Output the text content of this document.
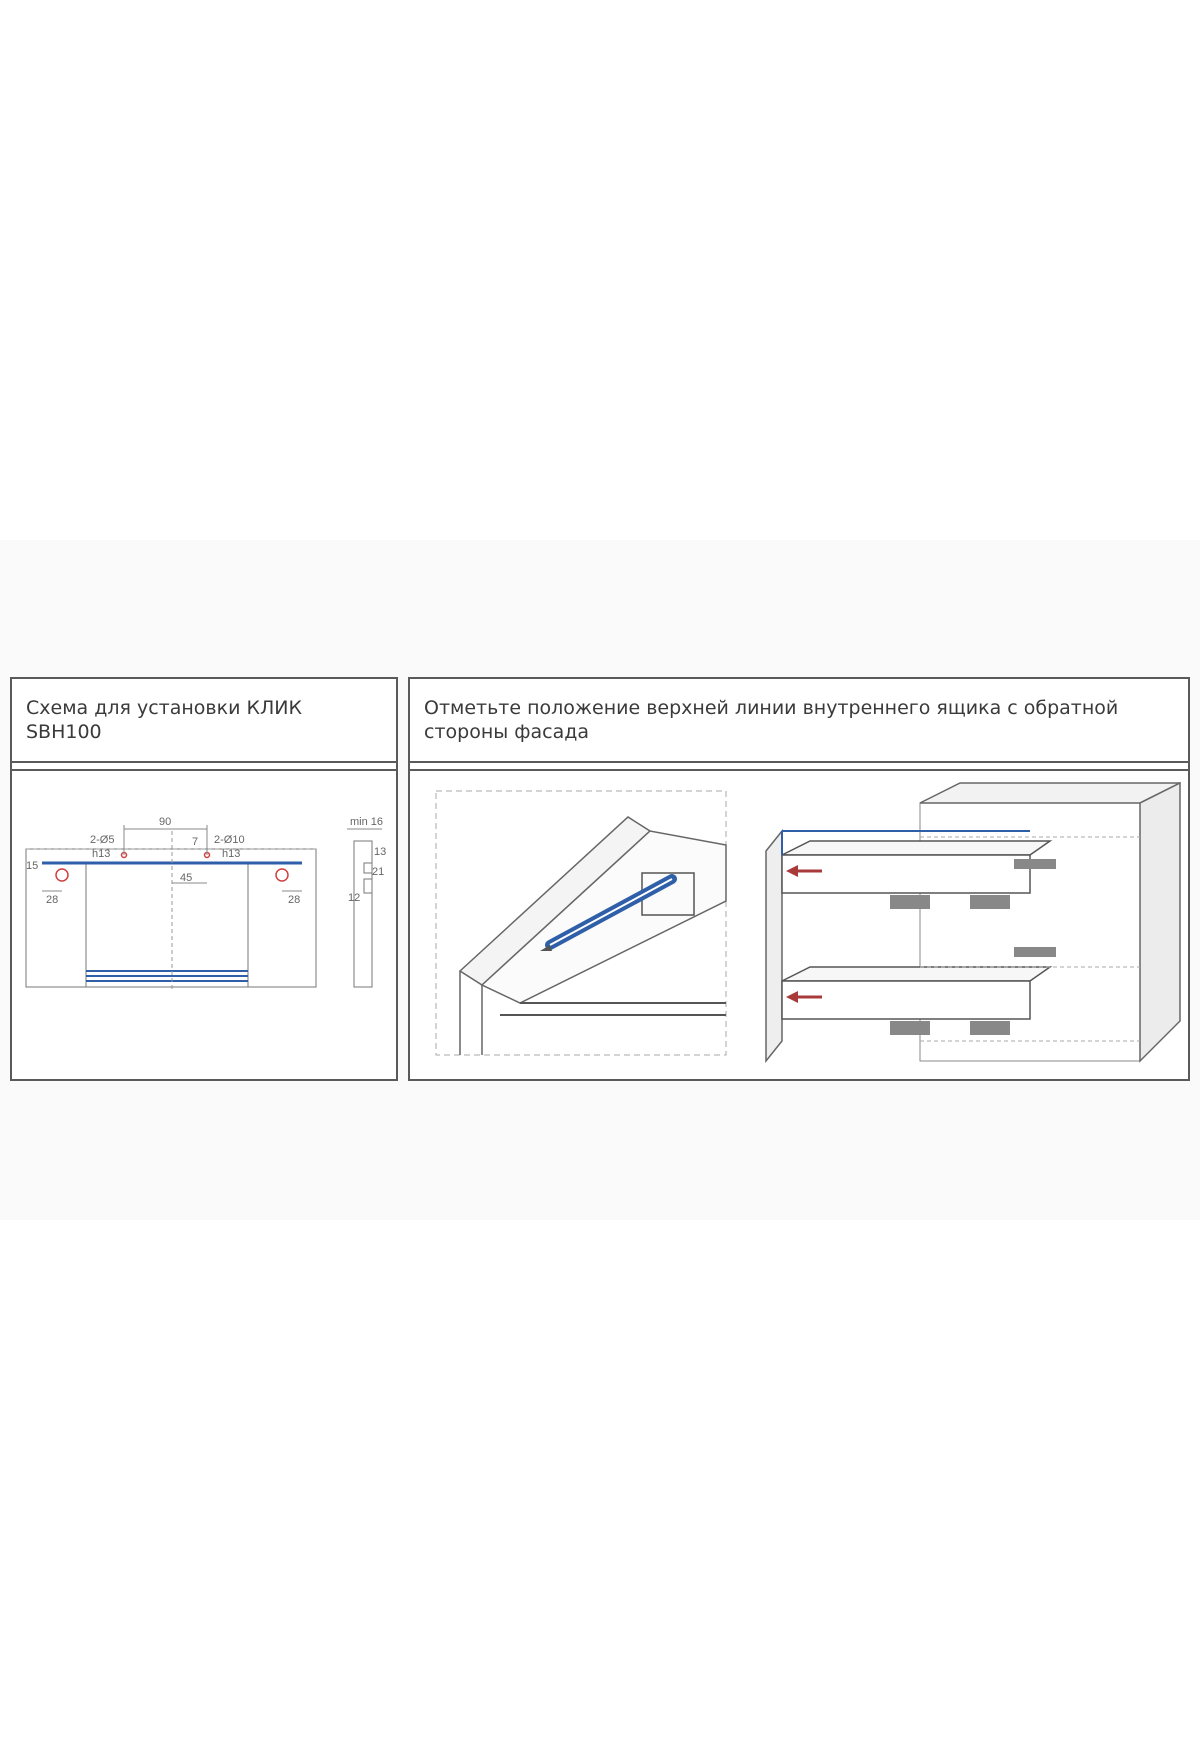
Схема для установки КЛИК SBH100
90
2-Ø5
h13
2-Ø10
h13
7
45
15
28	28
min 16
13
12
21
Отметьте положение верхней линии внутреннего ящика с обратной стороны фасада
